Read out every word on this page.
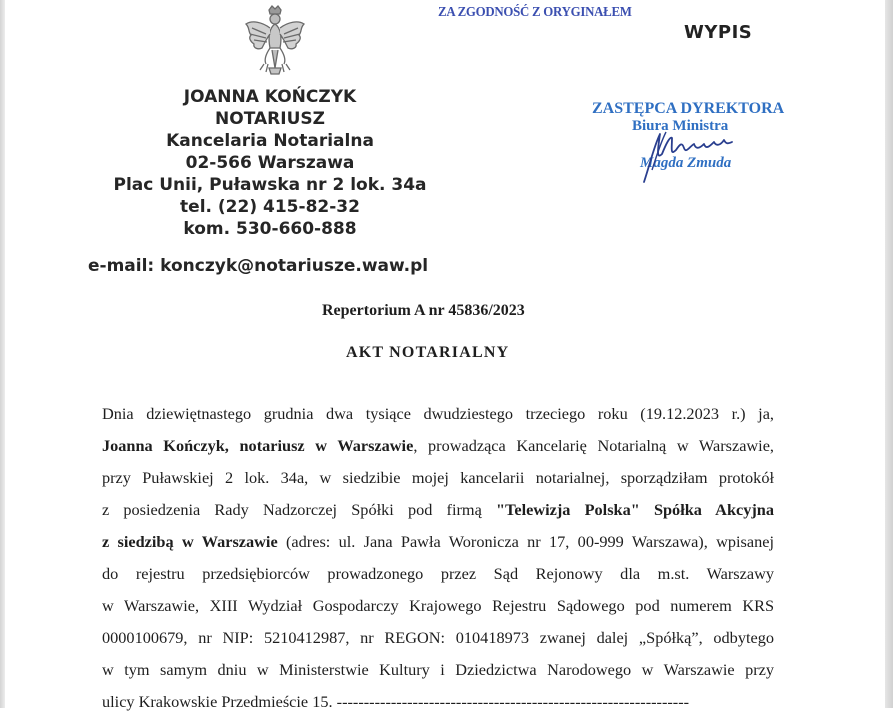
ZA ZGODNOŚĆ Z ORYGINAŁEM
WYPIS
JOANNA KOŃCZYK
NOTARIUSZ
Kancelaria Notarialna
02-566 Warszawa
Plac Unii, Puławska nr 2 lok. 34a
tel. (22) 415-82-32
kom. 530-660-888
e-mail: konczyk@notariusze.waw.pl
ZASTĘPCA DYREKTORA
Biura Ministra
Magda Zmuda
Repertorium A nr 45836/2023
AKT NOTARIALNY
Dnia dziewiętnastego grudnia dwa tysiące dwudziestego trzeciego roku (19.12.2023 r.) ja,
Joanna Kończyk, notariusz w Warszawie, prowadząca Kancelarię Notarialną w Warszawie,
przy Puławskiej 2 lok. 34a, w siedzibie mojej kancelarii notarialnej, sporządziłam protokół
z posiedzenia Rady Nadzorczej Spółki pod firmą "Telewizja Polska" Spółka Akcyjna
z siedzibą w Warszawie (adres: ul. Jana Pawła Woronicza nr 17, 00-999 Warszawa), wpisanej
do rejestru przedsiębiorców prowadzonego przez Sąd Rejonowy dla m.st. Warszawy
w Warszawie, XIII Wydział Gospodarczy Krajowego Rejestru Sądowego pod numerem KRS
0000100679, nr NIP: 5210412987, nr REGON: 010418973 zwanej dalej „Spółką”, odbytego
w tym samym dniu w Ministerstwie Kultury i Dziedzictwa Narodowego w Warszawie przy
ulicy Krakowskie Przedmieście 15. -----------------------------------------------------------------
